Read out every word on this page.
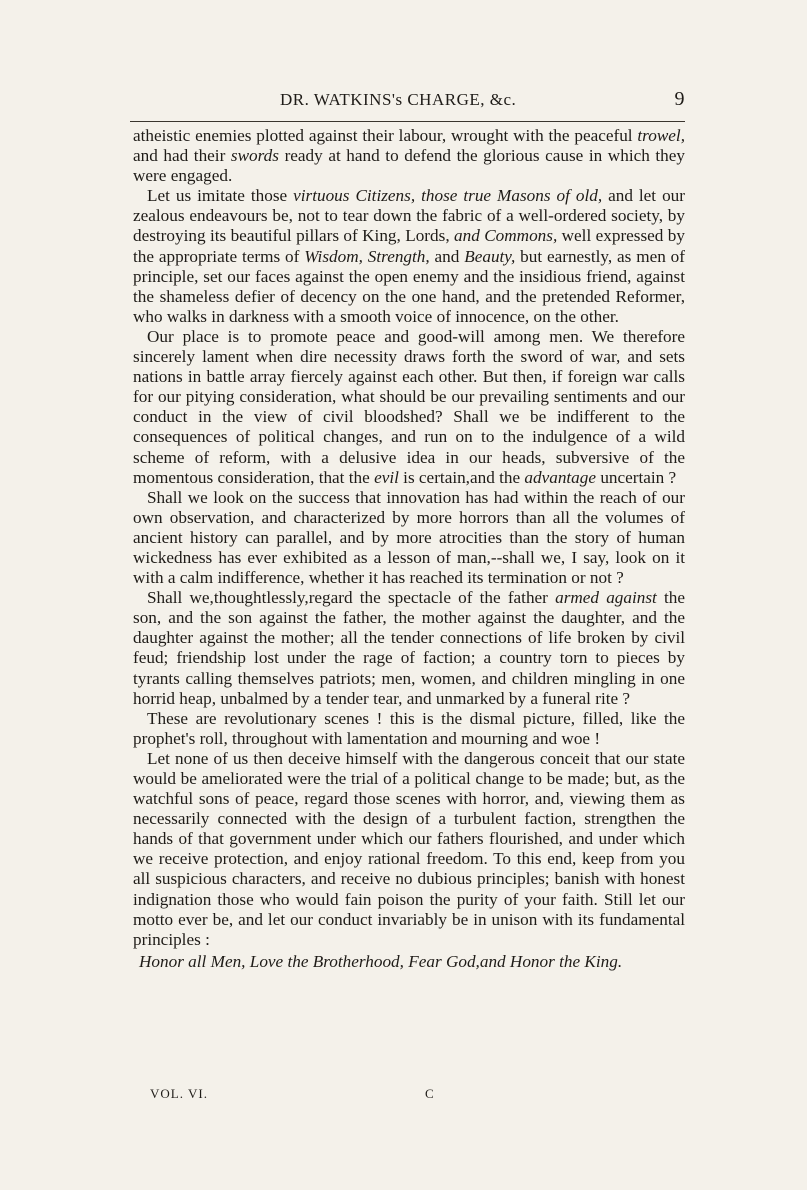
DR. WATKINS's CHARGE, &c.	9

atheistic enemies plotted against their labour, wrought with the peaceful trowel, and had their swords ready at hand to defend the glorious cause in which they were engaged.

Let us imitate those virtuous Citizens, those true Masons of old, and let our zealous endeavours be, not to tear down the fabric of a well-ordered society, by destroying its beautiful pillars of King, Lords, and Commons, well expressed by the appropriate terms of Wisdom, Strength, and Beauty, but earnestly, as men of principle, set our faces against the open enemy and the insidious friend, against the shameless defier of decency on the one hand, and the pretended Reformer, who walks in darkness with a smooth voice of innocence, on the other.

Our place is to promote peace and good-will among men. We therefore sincerely lament when dire necessity draws forth the sword of war, and sets nations in battle array fiercely against each other. But then, if foreign war calls for our pitying consideration, what should be our prevailing sentiments and our conduct in the view of civil bloodshed? Shall we be indifferent to the consequences of political changes, and run on to the indulgence of a wild scheme of reform, with a delusive idea in our heads, subversive of the momentous consideration, that the evil is certain,and the advantage uncertain ?

Shall we look on the success that innovation has had within the reach of our own observation, and characterized by more horrors than all the volumes of ancient history can parallel, and by more atrocities than the story of human wickedness has ever exhibited as a lesson of man,--shall we, I say, look on it with a calm indifference, whether it has reached its termination or not ?

Shall we,thoughtlessly,regard the spectacle of the father armed against the son, and the son against the father, the mother against the daughter, and the daughter against the mother; all the tender connections of life broken by civil feud; friendship lost under the rage of faction; a country torn to pieces by tyrants calling themselves patriots; men, women, and children mingling in one horrid heap, unbalmed by a tender tear, and unmarked by a funeral rite ?

These are revolutionary scenes ! this is the dismal picture, filled, like the prophet's roll, throughout with lamentation and mourning and woe !

Let none of us then deceive himself with the dangerous conceit that our state would be ameliorated were the trial of a political change to be made; but, as the watchful sons of peace, regard those scenes with horror, and, viewing them as necessarily connected with the design of a turbulent faction, strengthen the hands of that government under which our fathers flourished, and under which we receive protection, and enjoy rational freedom. To this end, keep from you all suspicious characters, and receive no dubious principles; banish with honest indignation those who would fain poison the purity of your faith. Still let our motto ever be, and let our conduct invariably be in unison with its fundamental principles :

Honor all Men, Love the Brotherhood, Fear God,and Honor the King.
VOL. VI.	C
